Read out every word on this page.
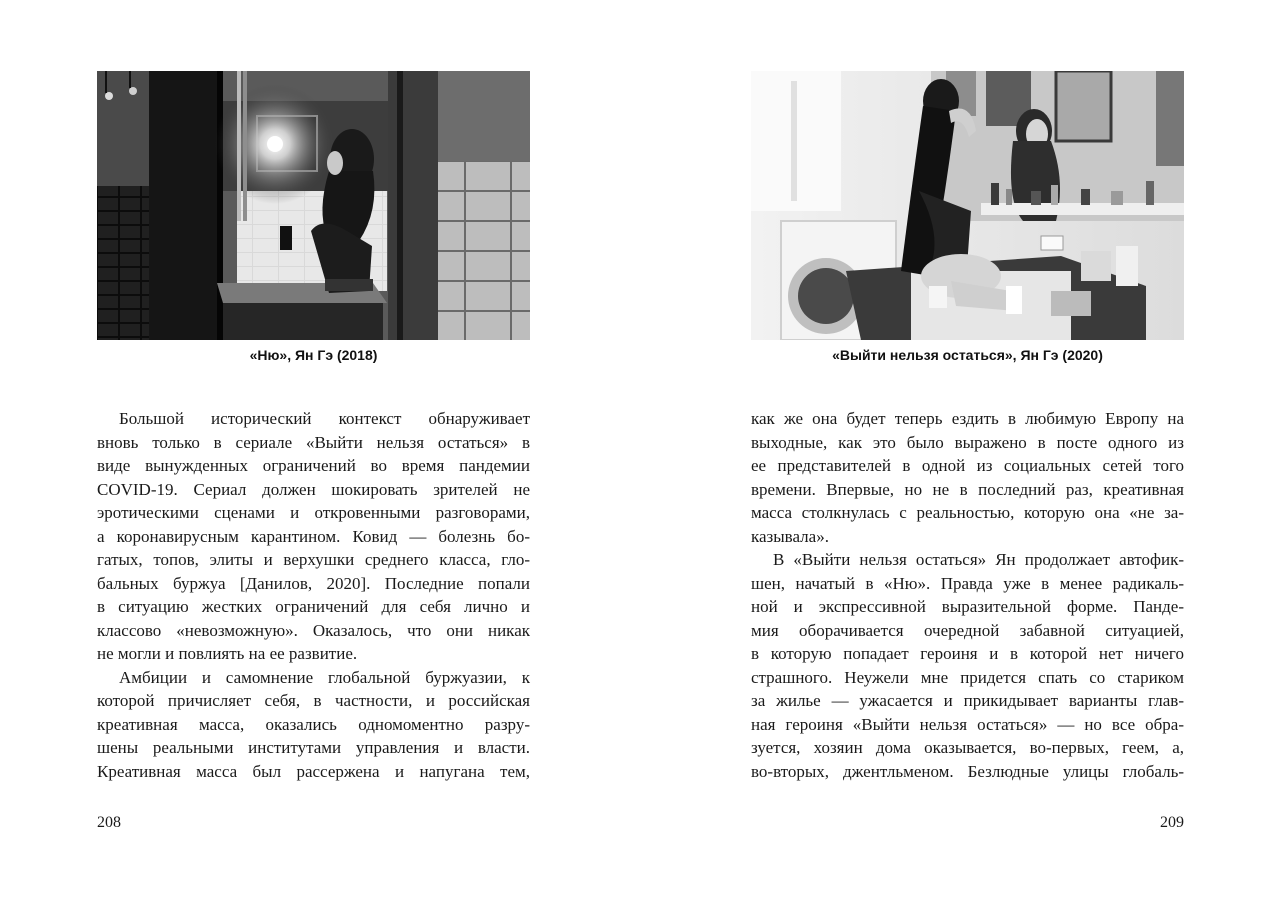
«Ню», Ян Гэ (2018)
Большой исторический контекст обнаруживает
вновь только в сериале «Выйти нельзя остаться» в
виде вынужденных ограничений во время пандемии
COVID-19. Сериал должен шокировать зрителей не
эротическими сценами и откровенными разговорами,
а коронавирусным карантином. Ковид — болезнь бо-
гатых, топов, элиты и верхушки среднего класса, гло-
бальных буржуа [Данилов, 2020]. Последние попали
в ситуацию жестких ограничений для себя лично и
классово «невозможную». Оказалось, что они никак
не могли и повлиять на ее развитие.
Амбиции и самомнение глобальной буржуазии, к
которой причисляет себя, в частности, и российская
креативная масса, оказались одномоментно разру-
шены реальными институтами управления и власти.
Креативная масса был рассержена и напугана тем,
208
«Выйти нельзя остаться», Ян Гэ (2020)
как же она будет теперь ездить в любимую Европу на
выходные, как это было выражено в посте одного из
ее представителей в одной из социальных сетей того
времени. Впервые, но не в последний раз, креативная
масса столкнулась с реальностью, которую она «не за-
казывала».
В «Выйти нельзя остаться» Ян продолжает автофик-
шен, начатый в «Ню». Правда уже в менее радикаль-
ной и экспрессивной выразительной форме. Панде-
мия оборачивается очередной забавной ситуацией,
в которую попадает героиня и в которой нет ничего
страшного. Неужели мне придется спать со стариком
за жилье — ужасается и прикидывает варианты глав-
ная героиня «Выйти нельзя остаться» — но все обра-
зуется, хозяин дома оказывается, во-первых, геем, а,
во-вторых, джентльменом. Безлюдные улицы глобаль-
209
